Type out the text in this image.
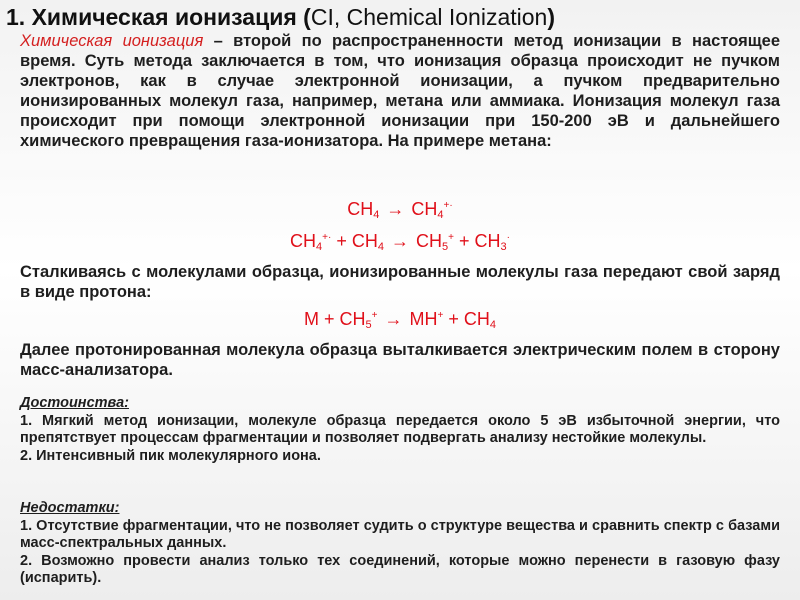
1. Химическая ионизация (CI, Chemical Ionization)
Химическая ионизация – второй по распространенности метод ионизации в настоящее время. Суть метода заключается в том, что ионизация образца происходит не пучком электронов, как в случае электронной ионизации, а пучком предварительно ионизированных молекул газа, например, метана или аммиака. Ионизация молекул газа происходит при помощи электронной ионизации при 150-200 эВ и дальнейшего химического превращения газа-ионизатора. На примере метана:
$CH_4 \to CH_4^{+\cdot}$
$CH_4^{+\cdot} + CH_4 \to CH_5^+ + CH_3^\cdot$
Сталкиваясь с молекулами образца, ионизированные молекулы газа передают свой заряд в виде протона:
$M + CH_5^+ \to MH^+ + CH_4$
Далее протонированная молекула образца выталкивается электрическим полем в сторону масс-анализатора.
Достоинства:
1. Мягкий метод ионизации, молекуле образца передается около 5 эВ избыточной энергии, что препятствует процессам фрагментации и позволяет подвергать анализу нестойкие молекулы.
2. Интенсивный пик молекулярного иона.
Недостатки:
1. Отсутствие фрагментации, что не позволяет судить о структуре вещества и сравнить спектр с базами масс-спектральных данных.
2. Возможно провести анализ только тех соединений, которые можно перенести в газовую фазу (испарить).
